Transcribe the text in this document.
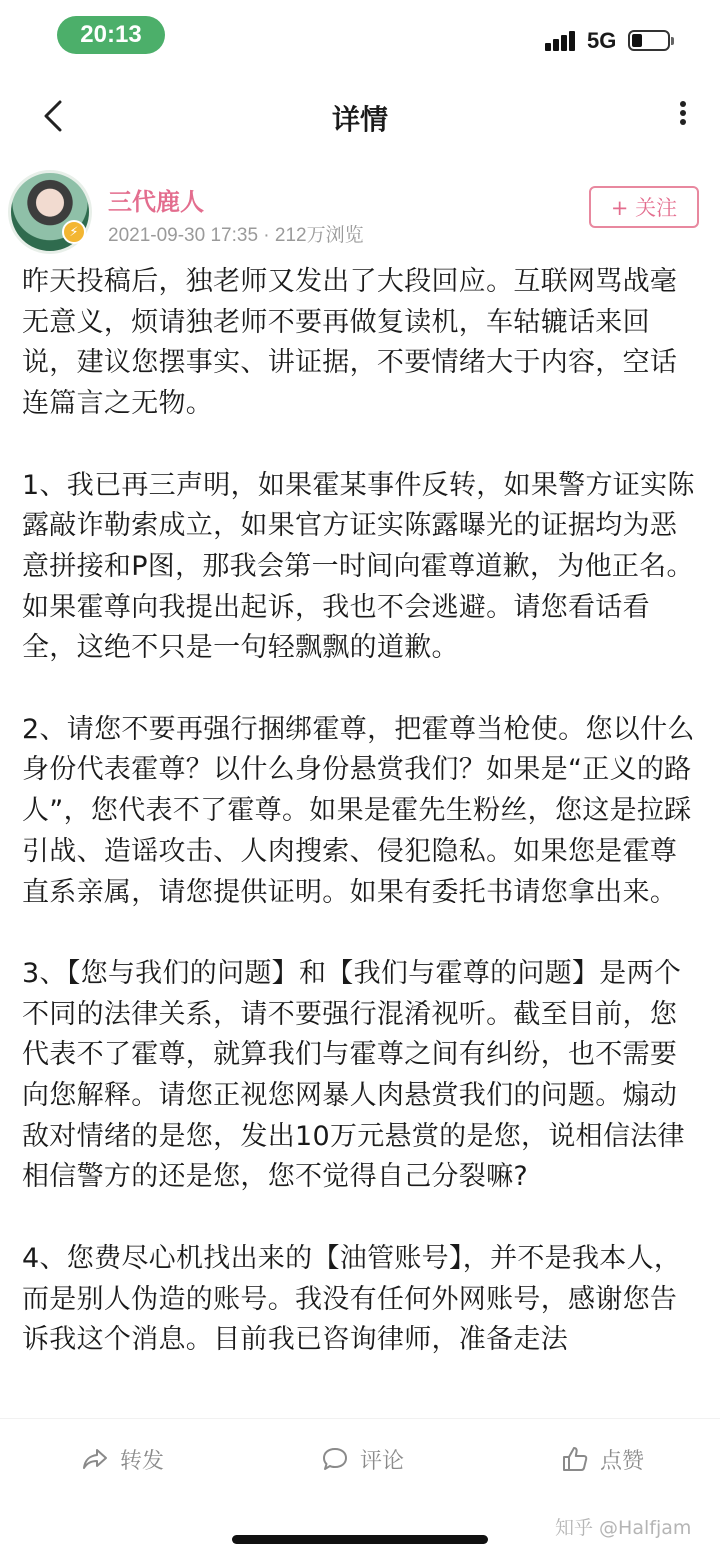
20:13	5G
详情
⚡
三代鹿人
2021-09-30 17:35 · 212万浏览
+ 关注

昨天投稿后，独老师又发出了大段回应。互联网骂战毫无意义，烦请独老师不要再做复读机，车轱辘话来回说，建议您摆事实、讲证据，不要情绪大于内容，空话连篇言之无物。

1、我已再三声明，如果霍某事件反转，如果警方证实陈露敲诈勒索成立，如果官方证实陈露曝光的证据均为恶意拼接和P图，那我会第一时间向霍尊道歉，为他正名。如果霍尊向我提出起诉，我也不会逃避。请您看话看全，这绝不只是一句轻飘飘的道歉。

2、请您不要再强行捆绑霍尊，把霍尊当枪使。您以什么身份代表霍尊？以什么身份悬赏我们？如果是“正义的路人”，您代表不了霍尊。如果是霍先生粉丝，您这是拉踩引战、造谣攻击、人肉搜索、侵犯隐私。如果您是霍尊直系亲属，请您提供证明。如果有委托书请您拿出来。

3、【您与我们的问题】和【我们与霍尊的问题】是两个不同的法律关系，请不要强行混淆视听。截至目前，您代表不了霍尊，就算我们与霍尊之间有纠纷，也不需要向您解释。请您正视您网暴人肉悬赏我们的问题。煽动敌对情绪的是您，发出10万元悬赏的是您，说相信法律相信警方的还是您，您不觉得自己分裂嘛?

4、您费尽心机找出来的【油管账号】，并不是我本人，而是别人伪造的账号。我没有任何外网账号，感谢您告诉我这个消息。目前我已咨询律师，准备走法

转发	评论	点赞
知乎 @Halfjam
